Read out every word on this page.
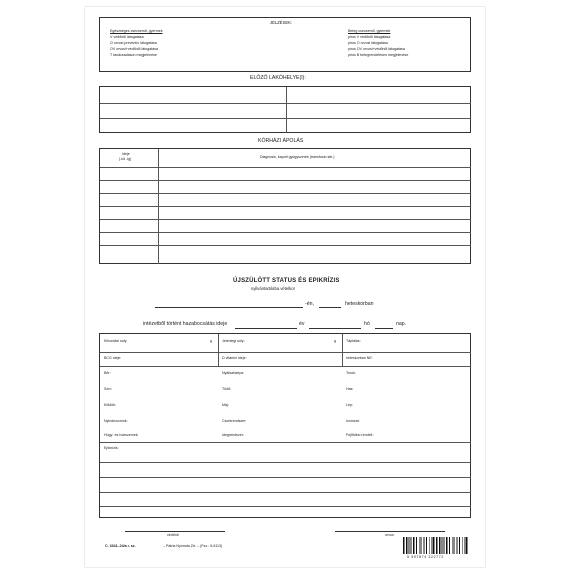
JELZÉSEK:
Egészséges csecsemő, gyermek
V védőnői látogatása
O orvosi preventív látogatása
OV orvosi+védőnői látogatása
T tanácsadáson megjelenése
Beteg csecsemő, gyermek
piros V védőnői látogatása
piros O orvosi látogatása
piros OV orvosi+védőnői látogatása
piros B betegrendelésen megjelenése
ELŐZŐ LAKÓHELYE(I):
KÓRHÁZI ÁPOLÁS
Ideje
(-tól -ig)	Diagnosis, kapott gyógyszerek (transfusio stb.)
ÚJSZÜLÖTT STATUS ÉS EPIKRÍZIS
nyilvántartásba vételkor
-én,	heteskorban
intézetből történt hazabocsátás ideje	év	hó	nap.
Kihordási súly:	g	Jelenlegi súly:	g	Táplálás:
BCG ideje:	D vitamin ideje:	heteskorban NE:
Bőr:	Nyálkahártya:	Torok:
Szív:	Tüdő:	Has:
Köldök:	Máj:	Lép:
Nyirokcsomók:	Csontrendszer:	Izomzat:
Húgy- és ivarszervek:	Idegrendszer:	Fejlődési rendell.:
Epikrízis:
védőnő	orvos
C. 3341–24/a r. sz.	– Pátria Nyomda Zrt. – (Fsz.: 5-6113)
5 997874 322772
